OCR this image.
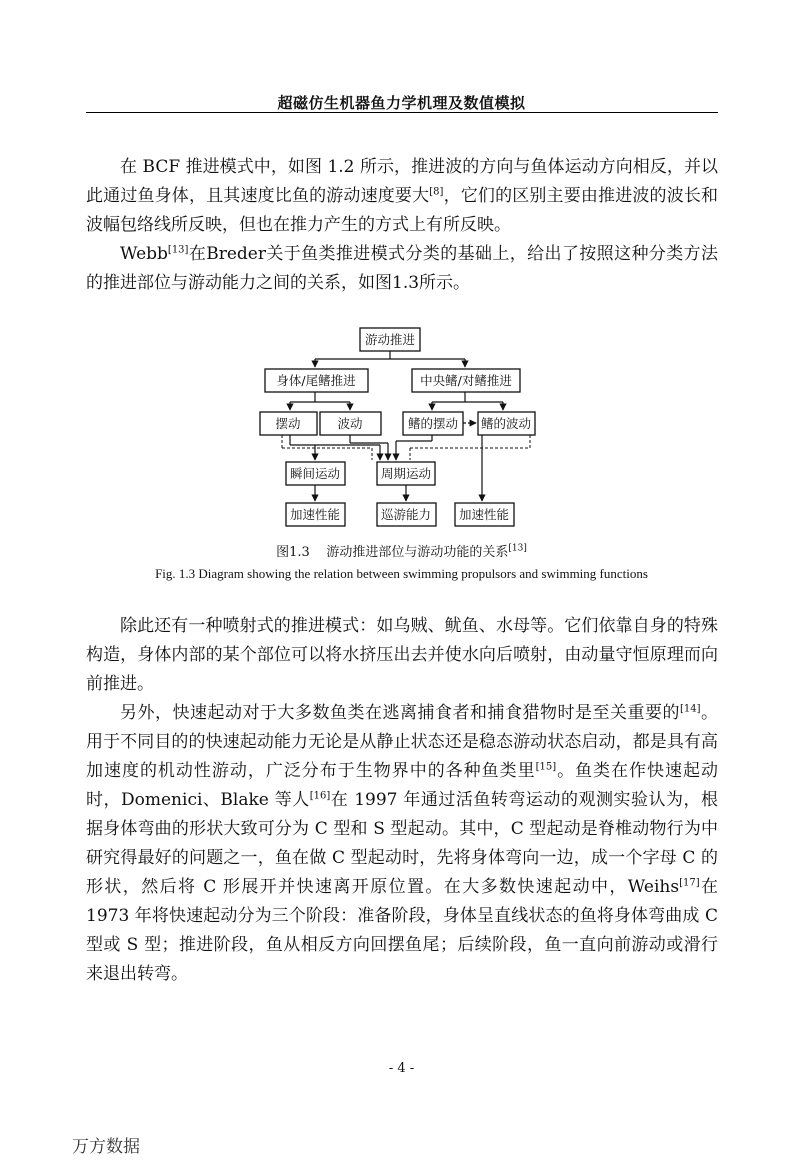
超磁仿生机器鱼力学机理及数值模拟

在 BCF 推进模式中，如图 1.2 所示，推进波的方向与鱼体运动方向相反，并以此通过鱼身体，且其速度比鱼的游动速度要大[8]，它们的区别主要由推进波的波长和波幅包络线所反映，但也在推力产生的方式上有所反映。

Webb[13]在Breder关于鱼类推进模式分类的基础上，给出了按照这种分类方法的推进部位与游动能力之间的关系，如图1.3所示。

游动推进
身体/尾鳍推进	中央鳍/对鳍推进
摆动	波动	鳍的摆动 鳍的波动
瞬间运动	周期运动
加速性能	巡游能力 加速性能
图1.3 游动推进部位与游动功能的关系[13]
Fig. 1.3 Diagram showing the relation between swimming propulsors and swimming functions

除此还有一种喷射式的推进模式：如乌贼、鱿鱼、水母等。它们依靠自身的特殊构造，身体内部的某个部位可以将水挤压出去并使水向后喷射，由动量守恒原理而向前推进。

另外，快速起动对于大多数鱼类在逃离捕食者和捕食猎物时是至关重要的[14]。用于不同目的的快速起动能力无论是从静止状态还是稳态游动状态启动，都是具有高加速度的机动性游动，广泛分布于生物界中的各种鱼类里[15]。鱼类在作快速起动时，Domenici、Blake 等人[16]在 1997 年通过活鱼转弯运动的观测实验认为，根据身体弯曲的形状大致可分为 C 型和 S 型起动。其中，C 型起动是脊椎动物行为中研究得最好的问题之一，鱼在做 C 型起动时，先将身体弯向一边，成一个字母 C 的形状，然后将 C 形展开并快速离开原位置。在大多数快速起动中，Weihs[17]在 1973 年将快速起动分为三个阶段：准备阶段，身体呈直线状态的鱼将身体弯曲成 C 型或 S 型；推进阶段，鱼从相反方向回摆鱼尾；后续阶段，鱼一直向前游动或滑行来退出转弯。

- 4 -
万方数据
